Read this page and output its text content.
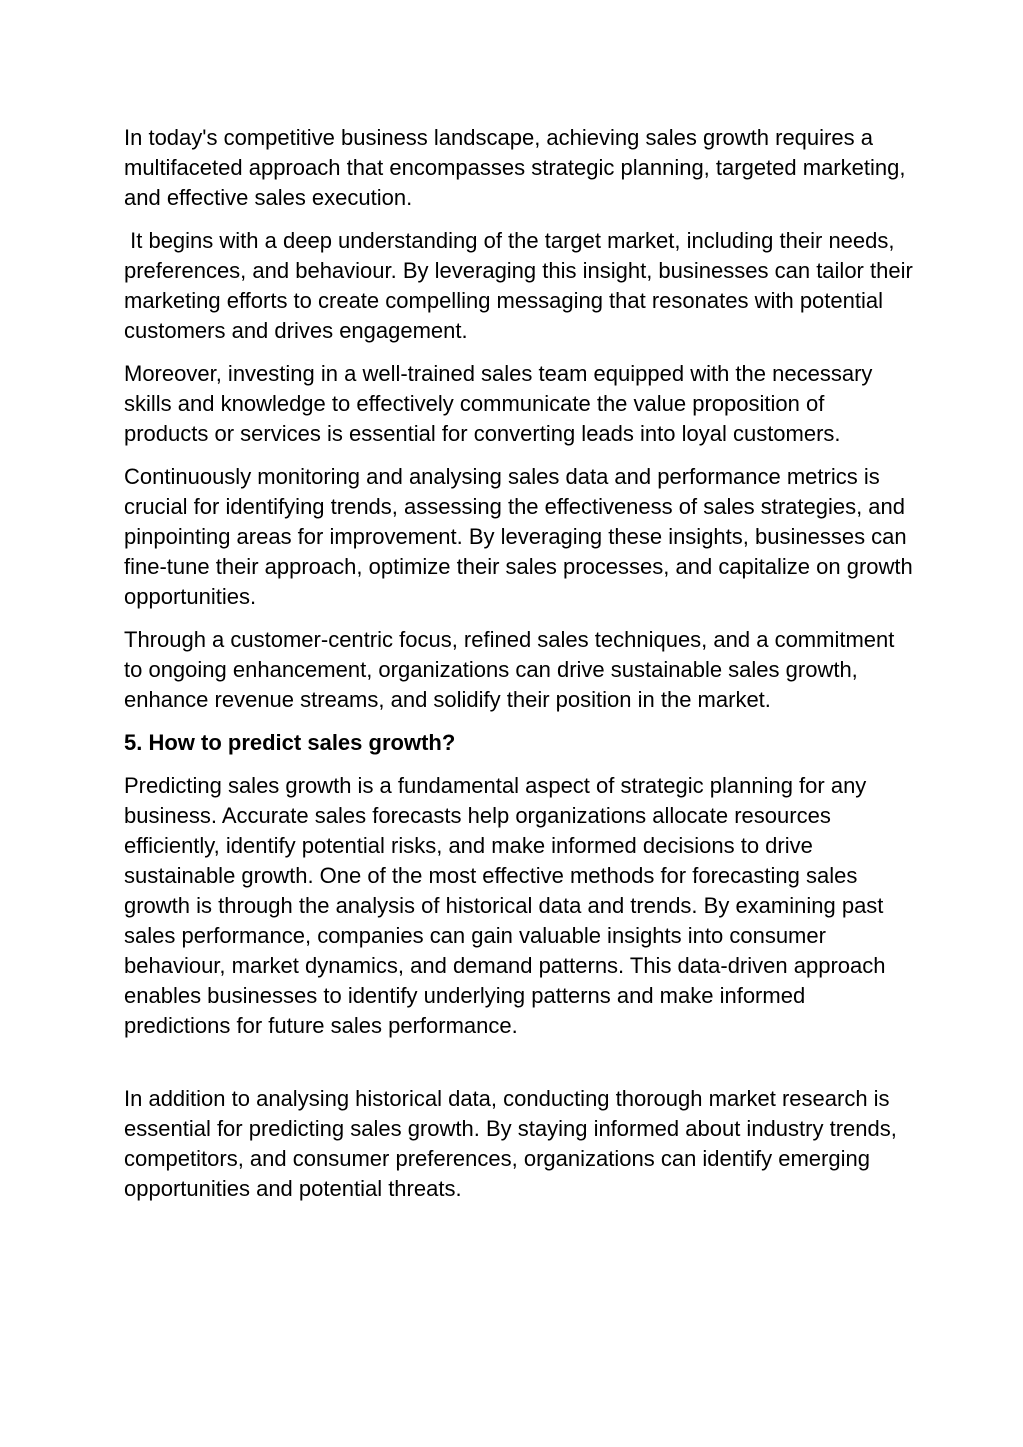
In today's competitive business landscape, achieving sales growth requires a multifaceted approach that encompasses strategic planning, targeted marketing, and effective sales execution.

It begins with a deep understanding of the target market, including their needs, preferences, and behaviour. By leveraging this insight, businesses can tailor their marketing efforts to create compelling messaging that resonates with potential customers and drives engagement.

Moreover, investing in a well-trained sales team equipped with the necessary skills and knowledge to effectively communicate the value proposition of products or services is essential for converting leads into loyal customers.

Continuously monitoring and analysing sales data and performance metrics is crucial for identifying trends, assessing the effectiveness of sales strategies, and pinpointing areas for improvement. By leveraging these insights, businesses can fine-tune their approach, optimize their sales processes, and capitalize on growth opportunities.

Through a customer-centric focus, refined sales techniques, and a commitment to ongoing enhancement, organizations can drive sustainable sales growth, enhance revenue streams, and solidify their position in the market.

5. How to predict sales growth?

Predicting sales growth is a fundamental aspect of strategic planning for any business. Accurate sales forecasts help organizations allocate resources efficiently, identify potential risks, and make informed decisions to drive sustainable growth. One of the most effective methods for forecasting sales growth is through the analysis of historical data and trends. By examining past sales performance, companies can gain valuable insights into consumer behaviour, market dynamics, and demand patterns. This data-driven approach enables businesses to identify underlying patterns and make informed predictions for future sales performance.

In addition to analysing historical data, conducting thorough market research is essential for predicting sales growth. By staying informed about industry trends, competitors, and consumer preferences, organizations can identify emerging opportunities and potential threats.
